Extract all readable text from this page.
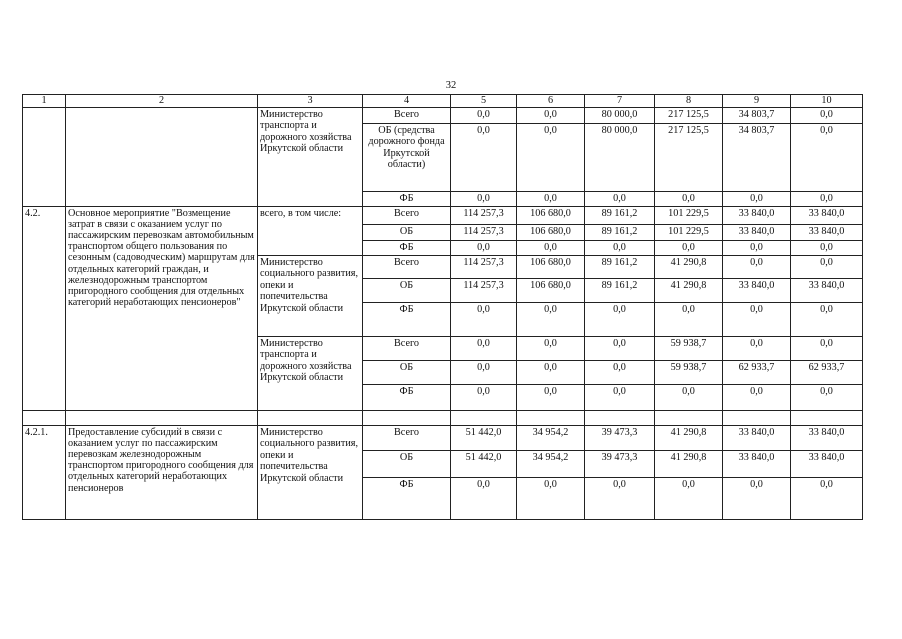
32
1	2	3	4	5	6	7	8	9	10
		Министерство транспорта и дорожного хозяйства Иркутской области	Всего	0,0	0,0	80 000,0	217 125,5	34 803,7	0,0
			ОБ (средства дорожного фонда Иркутской области)	0,0	0,0	80 000,0	217 125,5	34 803,7	0,0
			ФБ	0,0	0,0	0,0	0,0	0,0	0,0
4.2.	Основное мероприятие "Возмещение затрат в связи с оказанием услуг по пассажирским перевозкам автомобильным транспортом общего пользования по сезонным (садоводческим) маршрутам для отдельных категорий граждан, и железнодорожным транспортом пригородного сообщения для отдельных категорий неработающих пенсионеров"	всего, в том числе:	Всего	114 257,3	106 680,0	89 161,2	101 229,5	33 840,0	33 840,0
			ОБ	114 257,3	106 680,0	89 161,2	101 229,5	33 840,0	33 840,0
			ФБ	0,0	0,0	0,0	0,0	0,0	0,0
		Министерство социального развития, опеки и попечительства Иркутской области	Всего	114 257,3	106 680,0	89 161,2	41 290,8	0,0	0,0
			ОБ	114 257,3	106 680,0	89 161,2	41 290,8	33 840,0	33 840,0
			ФБ	0,0	0,0	0,0	0,0	0,0	0,0
		Министерство транспорта и дорожного хозяйства Иркутской области	Всего	0,0	0,0	0,0	59 938,7	0,0	0,0
			ОБ	0,0	0,0	0,0	59 938,7	62 933,7	62 933,7
			ФБ	0,0	0,0	0,0	0,0	0,0	0,0

4.2.1.	Предоставление субсидий в связи с оказанием услуг по пассажирским перевозкам железнодорожным транспортом пригородного сообщения для отдельных категорий неработающих пенсионеров	Министерство социального развития, опеки и попечительства Иркутской области	Всего	51 442,0	34 954,2	39 473,3	41 290,8	33 840,0	33 840,0
			ОБ	51 442,0	34 954,2	39 473,3	41 290,8	33 840,0	33 840,0
			ФБ	0,0	0,0	0,0	0,0	0,0	0,0
